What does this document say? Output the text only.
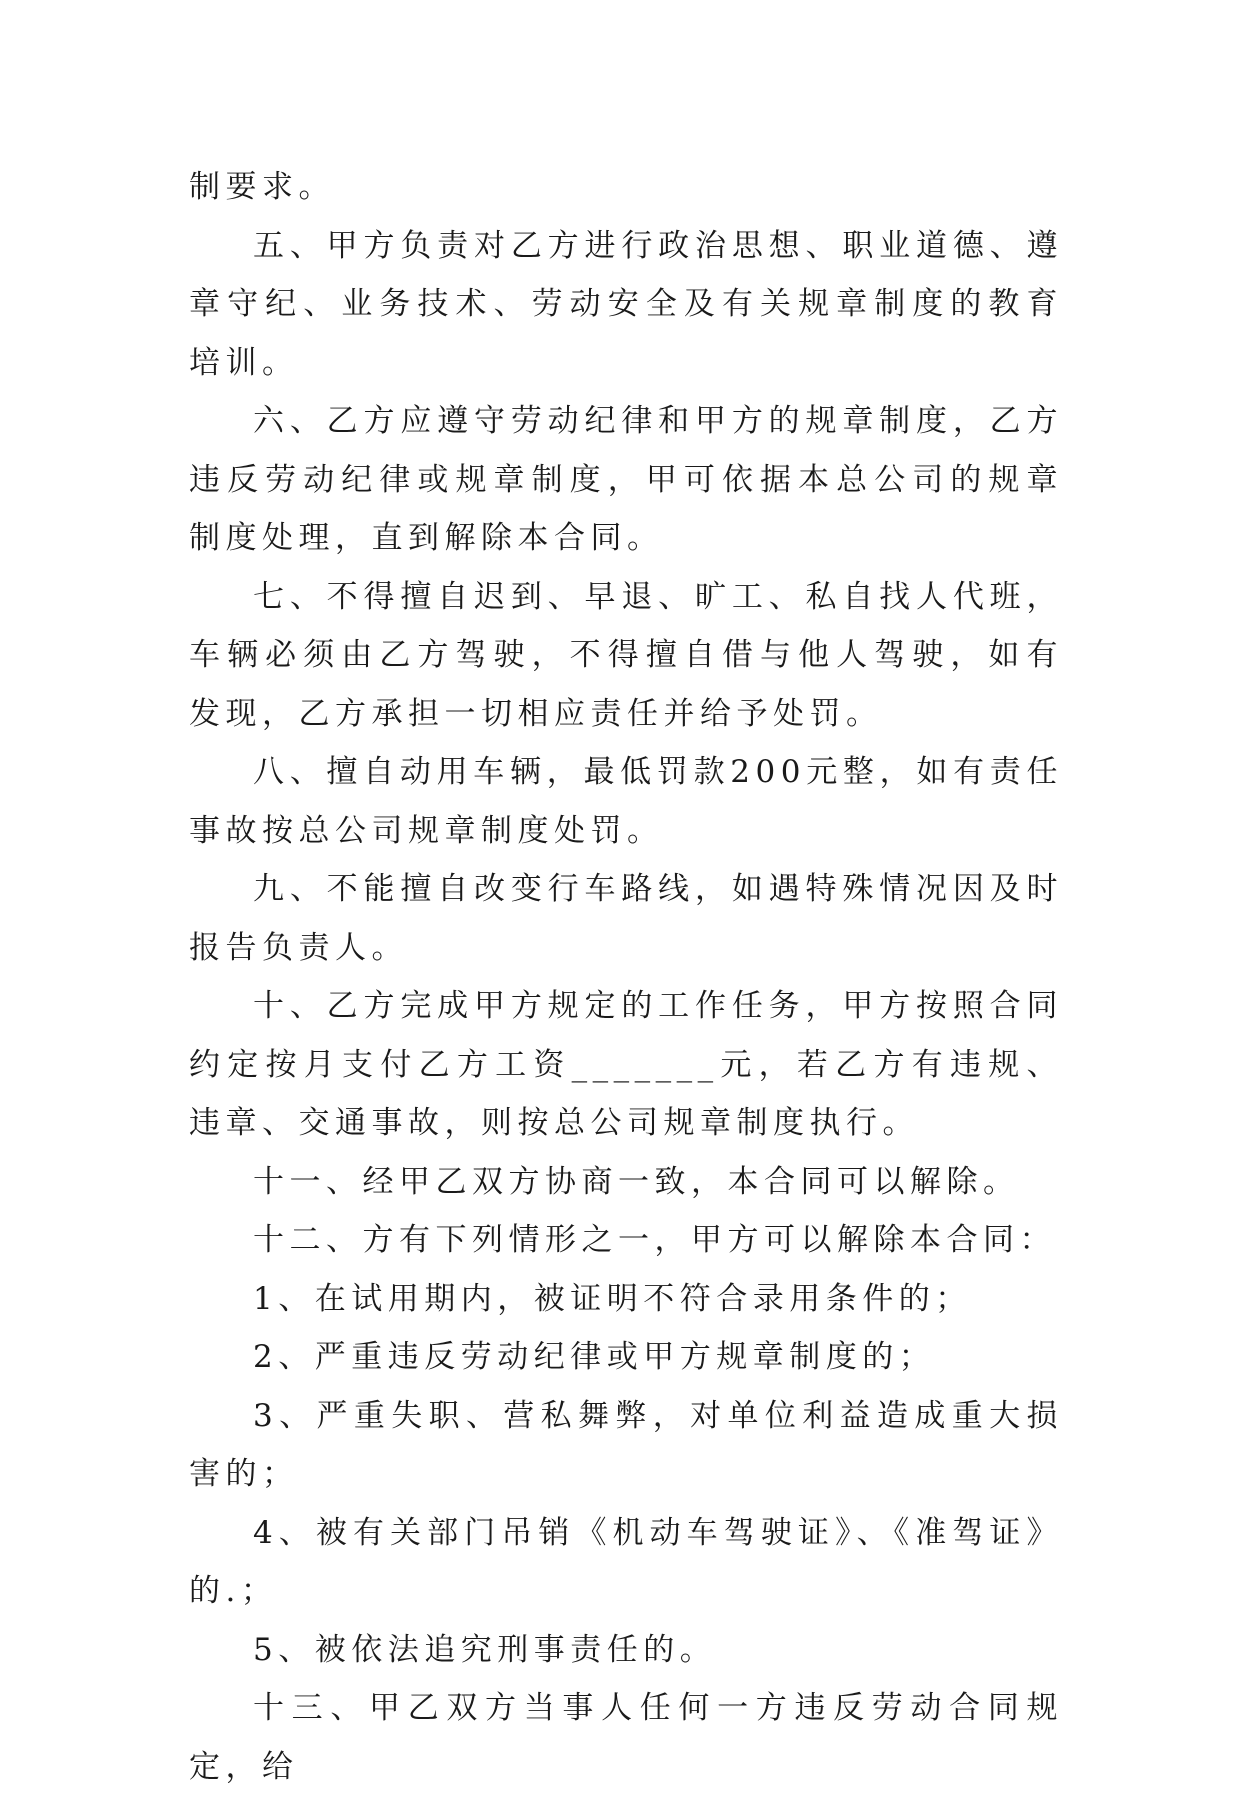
制要求。

五、甲方负责对乙方进行政治思想、职业道德、遵章守纪、业务技术、劳动安全及有关规章制度的教育培训。

六、乙方应遵守劳动纪律和甲方的规章制度，乙方违反劳动纪律或规章制度，甲可依据本总公司的规章制度处理，直到解除本合同。

七、不得擅自迟到、早退、旷工、私自找人代班，车辆必须由乙方驾驶，不得擅自借与他人驾驶，如有发现，乙方承担一切相应责任并给予处罚。

八、擅自动用车辆，最低罚款200元整，如有责任事故按总公司规章制度处罚。

九、不能擅自改变行车路线，如遇特殊情况因及时报告负责人。

十、乙方完成甲方规定的工作任务，甲方按照合同约定按月支付乙方工资_______元，若乙方有违规、违章、交通事故，则按总公司规章制度执行。

十一、经甲乙双方协商一致，本合同可以解除。

十二、方有下列情形之一，甲方可以解除本合同：

1、在试用期内，被证明不符合录用条件的；

2、严重违反劳动纪律或甲方规章制度的；

3、严重失职、营私舞弊，对单位利益造成重大损害的；

4、被有关部门吊销《机动车驾驶证》、《准驾证》的.；

5、被依法追究刑事责任的。

十三、甲乙双方当事人任何一方违反劳动合同规定，给
